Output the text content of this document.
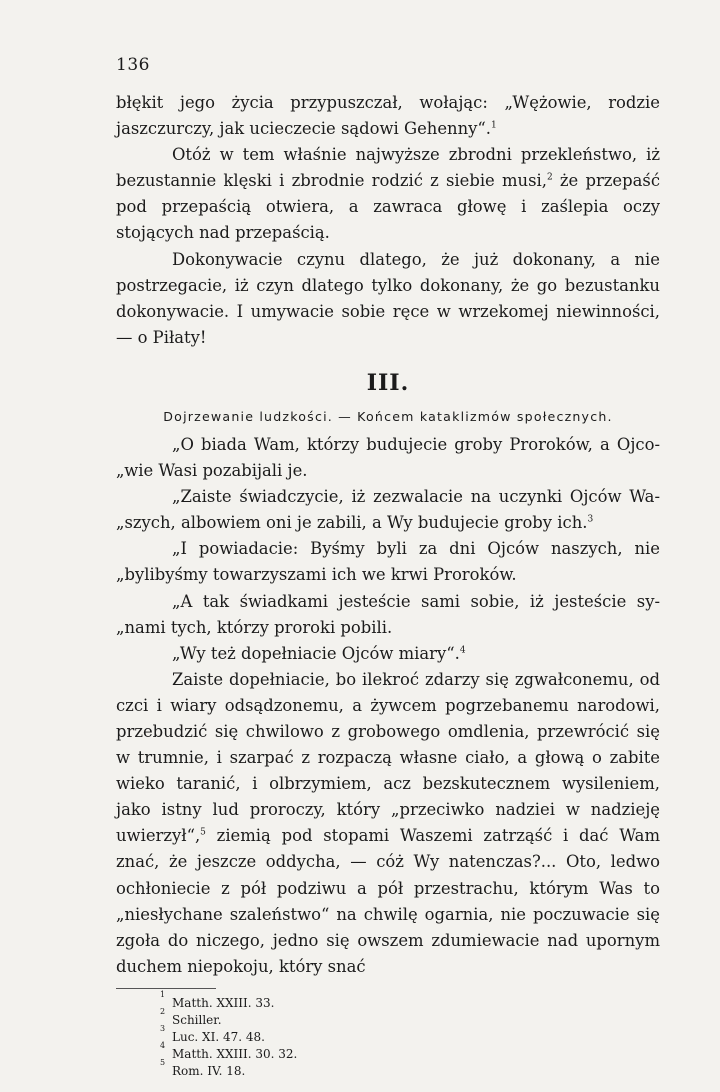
136

błękit jego życia przypuszczał, wołając: „Wężowie, rodzie jaszczurczy, jak ucieczecie sądowi Gehenny“.$^1$

Otóż w tem właśnie najwyższe zbrodni przekleństwo, iż bezustannie klęski i zbrodnie rodzić z siebie musi,$^2$ że przepaść pod przepaścią otwiera, a zawraca głowę i zaślepia oczy stojących nad przepaścią.

Dokonywacie czynu dlatego, że już dokonany, a nie postrzegacie, iż czyn dlatego tylko dokonany, że go bezustanku dokonywacie. I umywacie sobie ręce w wrzekomej niewinności, — o Piłaty!

III.
Dojrzewanie ludzkości. — Końcem kataklizmów społecznych.

„O biada Wam, którzy budujecie groby Proroków, a Ojco-„wie Wasi pozabijali je.

„Zaiste świadczycie, iż zezwalacie na uczynki Ojców Wa-„szych, albowiem oni je zabili, a Wy budujecie groby ich.$^3$

„I powiadacie: Byśmy byli za dni Ojców naszych, nie „bylibyśmy towarzyszami ich we krwi Proroków.

„A tak świadkami jesteście sami sobie, iż jesteście sy-„nami tych, którzy proroki pobili.

„Wy też dopełniacie Ojców miary“.$^4$

Zaiste dopełniacie, bo ilekroć zdarzy się zgwałconemu, od czci i wiary odsądzonemu, a żywcem pogrzebanemu narodowi, przebudzić się chwilowo z grobowego omdlenia, przewrócić się w trumnie, i szarpać z rozpaczą własne ciało, a głową o zabite wieko taranić, i olbrzymiem, acz bezskutecznem wysileniem, jako istny lud proroczy, który „przeciwko nadziei w nadzieję uwierzył“,$^5$ ziemią pod stopami Waszemi zatrząść i dać Wam znać, że jeszcze oddycha, — cóż Wy natenczas?... Oto, ledwo ochłoniecie z pół podziwu a pół przestrachu, którym Was to „niesłychane szaleństwo“ na chwilę ogarnia, nie poczuwacie się zgoła do niczego, jedno się owszem zdumiewacie nad upornym duchem niepokoju, który snać

1
Matth. XXIII. 33.
2
Schiller.
3
Luc. XI. 47. 48.
4
Matth. XXIII. 30. 32.
5
Rom. IV. 18.
